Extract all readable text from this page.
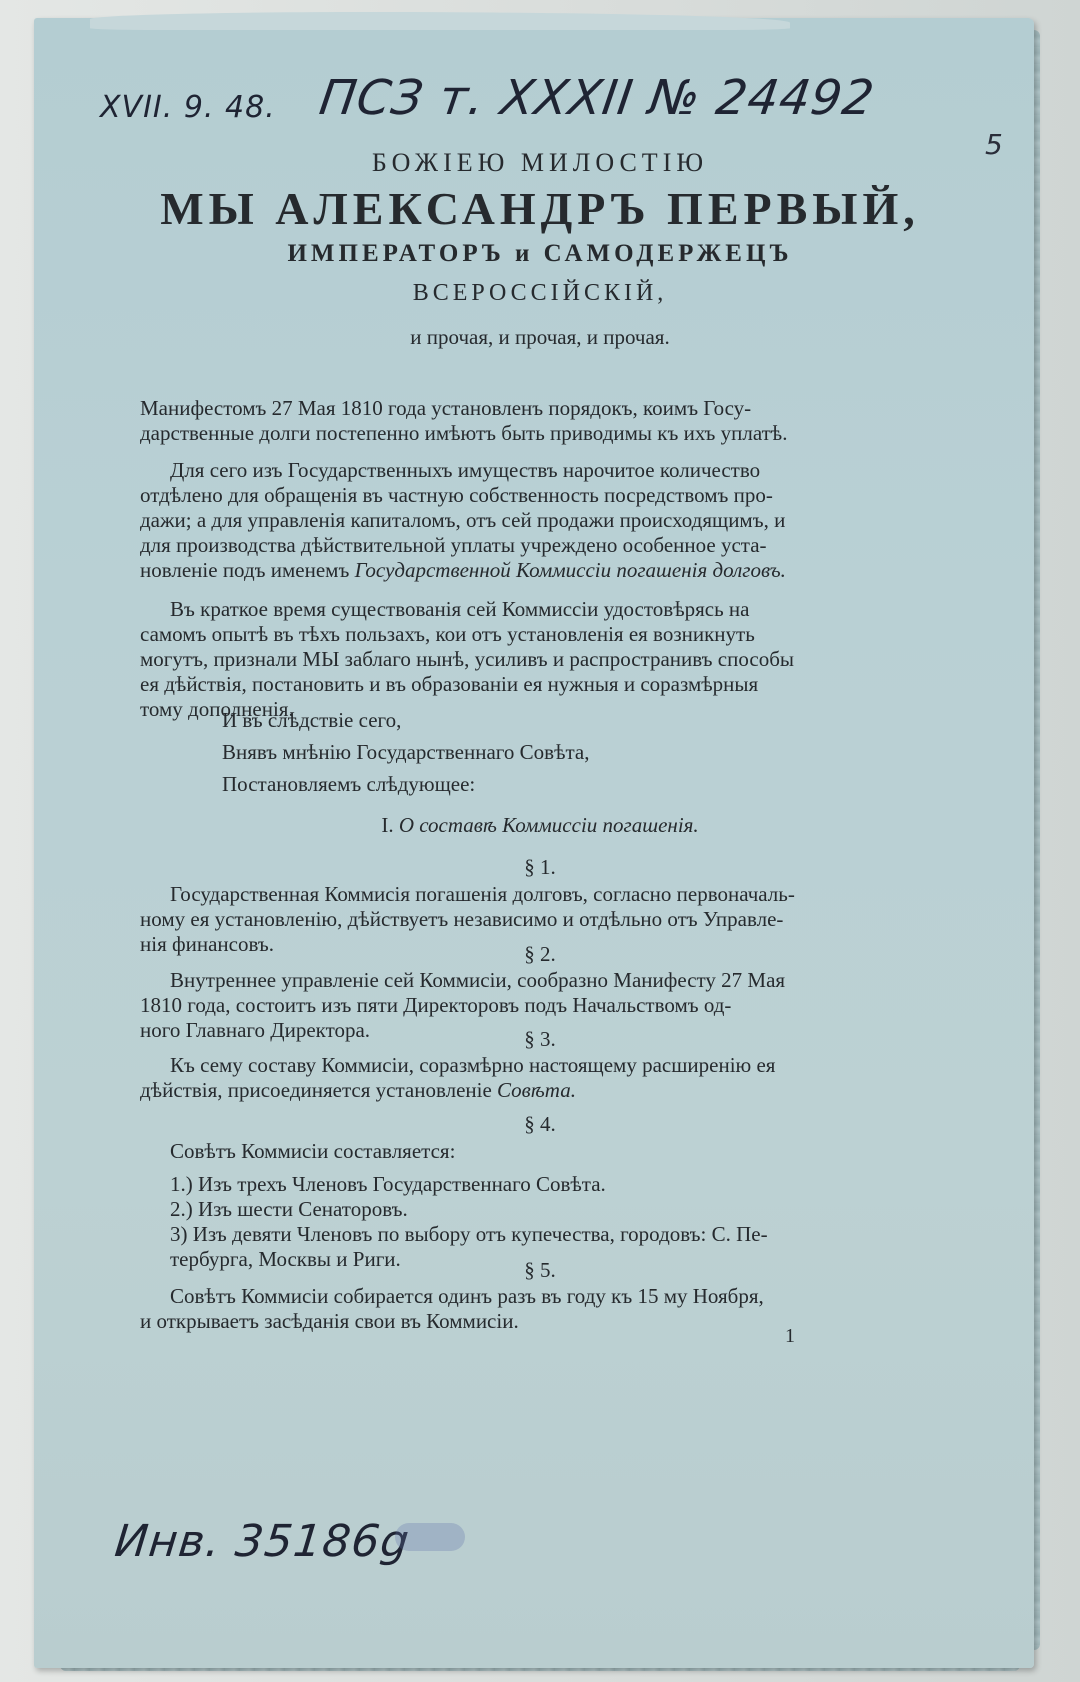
XVII. 9. 48. ПСЗ т. XXXII № 24492
5
Инв. 35186g
БОЖІЕЮ МИЛОСТІЮ
МЫ АЛЕКСАНДРЪ ПЕРВЫЙ,
ИМПЕРАТОРЪ и САМОДЕРЖЕЦЪ
ВСЕРОССІЙСКІЙ,
и прочая, и прочая, и прочая.
Манифестомъ 27 Мая 1810 года установленъ порядокъ, коимъ Госу-
дарственные долги постепенно имѣютъ быть приводимы къ ихъ уплатѣ.
Для сего изъ Государственныхъ имуществъ нарочитое количество
отдѣлено для обращенія въ частную собственность посредствомъ про-
дажи; а для управленія капиталомъ, отъ сей продажи происходящимъ, и
для производства дѣйствительной уплаты учреждено особенное уста-
новленіе подъ именемъ Государственной Коммиссіи погашенія долговъ.
Въ краткое время существованія сей Коммиссіи удостовѣрясь на
самомъ опытѣ въ тѣхъ пользахъ, кои отъ установленія ея возникнуть
могутъ, признали МЫ заблаго нынѣ, усиливъ и распространивъ способы
ея дѣйствія, постановить и въ образованіи ея нужныя и соразмѣрныя
тому дополненія.
И въ слѣдствіе сего,
Внявъ мнѣнію Государственнаго Совѣта,
Постановляемъ слѣдующее:
I. О составѣ Коммиссіи погашенія.
§ 1.
Государственная Коммисія погашенія долговъ, согласно первоначаль-
ному ея установленію, дѣйствуетъ независимо и отдѣльно отъ Управле-
нія финансовъ.	§ 2.
Внутреннее управленіе сей Коммисіи, сообразно Манифесту 27 Мая
1810 года, состоитъ изъ пяти Директоровъ подъ Начальствомъ од-
ного Главнаго Директора.	§ 3.
Къ сему составу Коммисіи, соразмѣрно настоящему расширенію ея
дѣйствія, присоединяется установленіе Совѣта.
§ 4.
Совѣтъ Коммисіи составляется:
1.) Изъ трехъ Членовъ Государственнаго Совѣта.
2.) Изъ шести Сенаторовъ.
3) Изъ девяти Членовъ по выбору отъ купечества, городовъ: С. Пе-
тербурга, Москвы и Риги.	§ 5.
Совѣтъ Коммисіи собирается одинъ разъ въ году къ 15 му Ноября,
и открываетъ засѣданія свои въ Коммисіи.
1
